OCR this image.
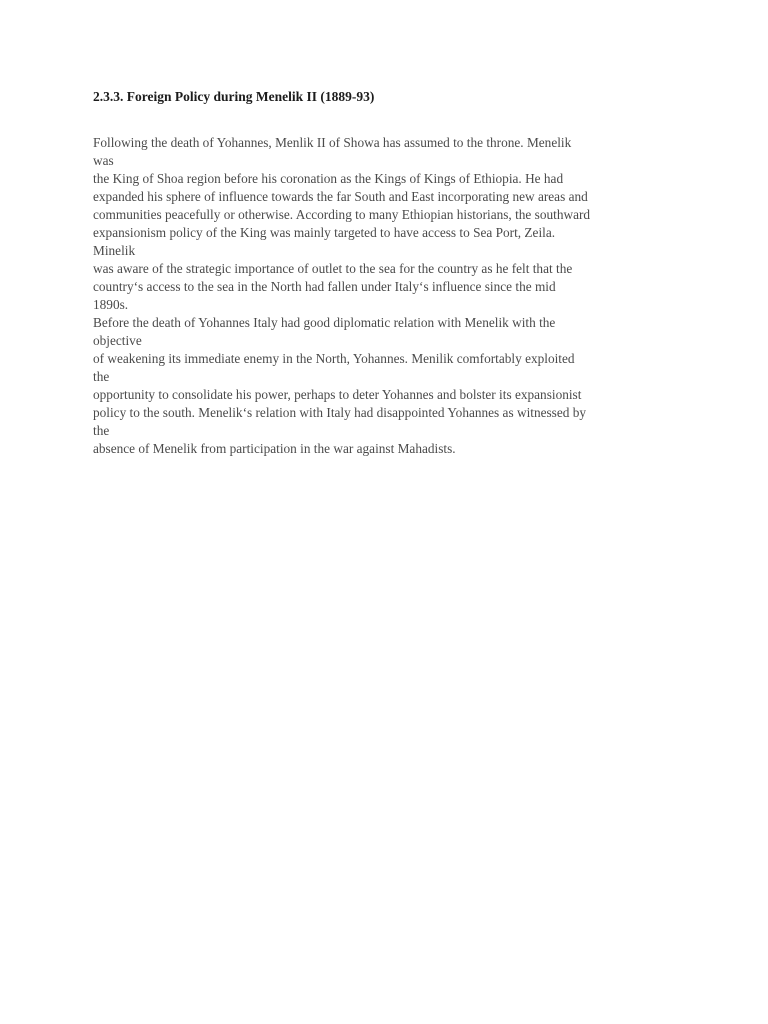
2.3.3. Foreign Policy during Menelik II (1889-93)
Following the death of Yohannes, Menlik II of Showa has assumed to the throne. Menelik
was
the King of Shoa region before his coronation as the Kings of Kings of Ethiopia. He had
expanded his sphere of influence towards the far South and East incorporating new areas and
communities peacefully or otherwise. According to many Ethiopian historians, the southward
expansionism policy of the King was mainly targeted to have access to Sea Port, Zeila.
Minelik
was aware of the strategic importance of outlet to the sea for the country as he felt that the
country‘s access to the sea in the North had fallen under Italy‘s influence since the mid
1890s.
Before the death of Yohannes Italy had good diplomatic relation with Menelik with the
objective
of weakening its immediate enemy in the North, Yohannes. Menilik comfortably exploited
the
opportunity to consolidate his power, perhaps to deter Yohannes and bolster its expansionist
policy to the south. Menelik‘s relation with Italy had disappointed Yohannes as witnessed by
the
absence of Menelik from participation in the war against Mahadists.
